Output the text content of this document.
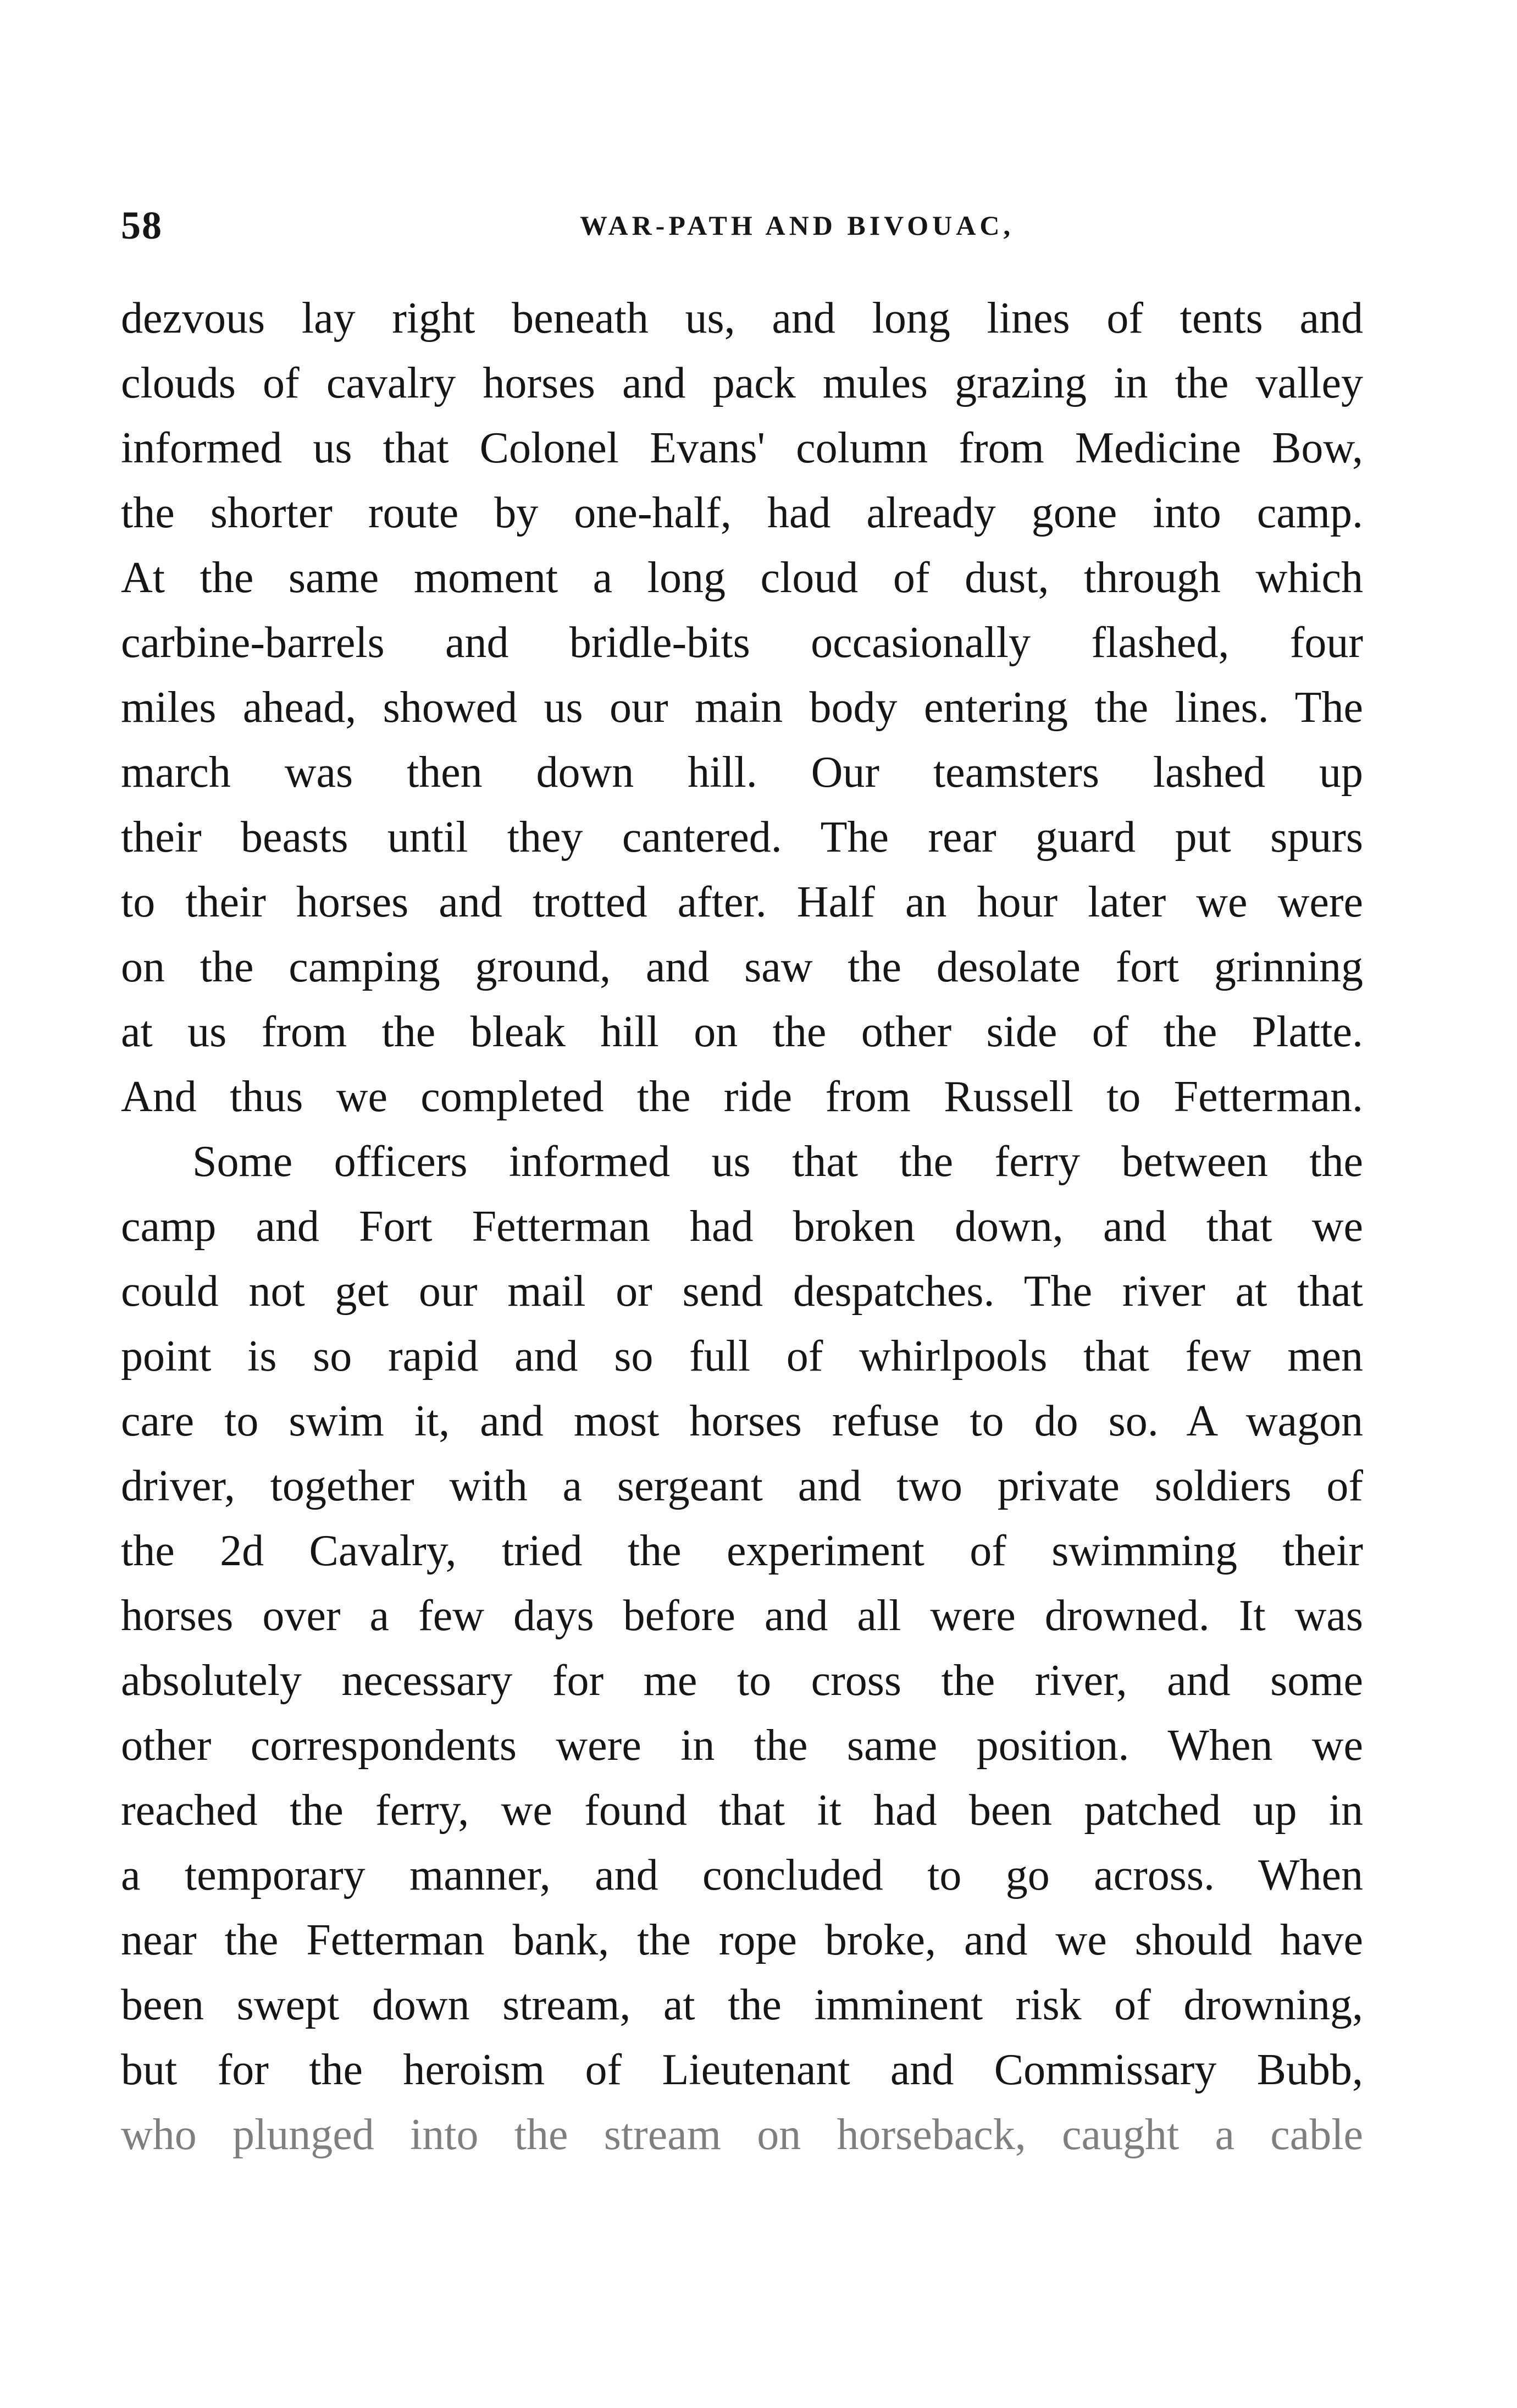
58	WAR-PATH AND BIVOUAC,
dezvous lay right beneath us, and long lines of tents and
clouds of cavalry horses and pack mules grazing in the valley
informed us that Colonel Evans' column from Medicine Bow,
the shorter route by one-half, had already gone into camp.
At the same moment a long cloud of dust, through which
carbine-barrels and bridle-bits occasionally flashed, four
miles ahead, showed us our main body entering the lines. The
march was then down hill. Our teamsters lashed up
their beasts until they cantered. The rear guard put spurs
to their horses and trotted after. Half an hour later we were
on the camping ground, and saw the desolate fort grinning
at us from the bleak hill on the other side of the Platte.
And thus we completed the ride from Russell to Fetterman.
Some officers informed us that the ferry between the
camp and Fort Fetterman had broken down, and that we
could not get our mail or send despatches. The river at that
point is so rapid and so full of whirlpools that few men
care to swim it, and most horses refuse to do so. A wagon
driver, together with a sergeant and two private soldiers of
the 2d Cavalry, tried the experiment of swimming their
horses over a few days before and all were drowned. It was
absolutely necessary for me to cross the river, and some
other correspondents were in the same position. When we
reached the ferry, we found that it had been patched up in
a temporary manner, and concluded to go across. When
near the Fetterman bank, the rope broke, and we should have
been swept down stream, at the imminent risk of drowning,
but for the heroism of Lieutenant and Commissary Bubb,
who plunged into the stream on horseback, caught a cable
